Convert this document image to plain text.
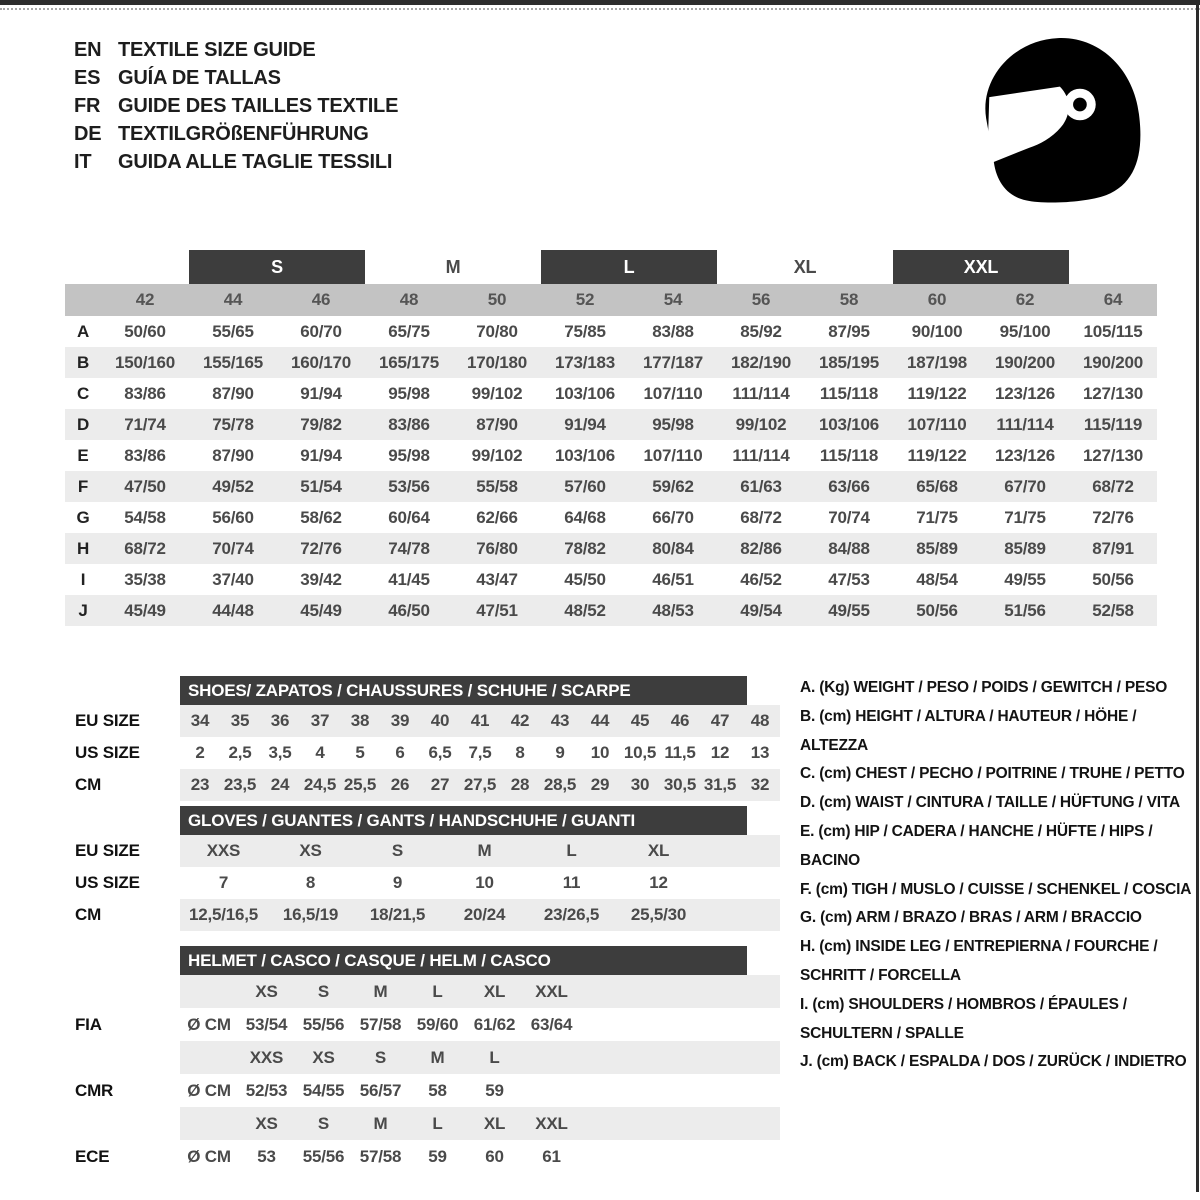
EN TEXTILE SIZE GUIDE
ES GUÍA DE TALLAS
FR GUIDE DES TAILLES TEXTILE
DE TEXTILGRÖßENFÜHRUNG
IT	GUIDA ALLE TAGLIE TESSILI
		S		M		L		XL		XXL		
	42	44	46	48	50	52	54	56	58	60	62	64
A	50/60	55/65	60/70	65/75	70/80	75/85	83/88	85/92	87/95	90/100	95/100	105/115
B	150/160	155/165	160/170	165/175	170/180	173/183	177/187	182/190	185/195	187/198	190/200	190/200
C	83/86	87/90	91/94	95/98	99/102	103/106	107/110	111/114	115/118	119/122	123/126	127/130
D	71/74	75/78	79/82	83/86	87/90	91/94	95/98	99/102	103/106	107/110	111/114	115/119
E	83/86	87/90	91/94	95/98	99/102	103/106	107/110	111/114	115/118	119/122	123/126	127/130
F	47/50	49/52	51/54	53/56	55/58	57/60	59/62	61/63	63/66	65/68	67/70	68/72
G	54/58	56/60	58/62	60/64	62/66	64/68	66/70	68/72	70/74	71/75	71/75	72/76
H	68/72	70/74	72/76	74/78	76/80	78/82	80/84	82/86	84/88	85/89	85/89	87/91
I	35/38	37/40	39/42	41/45	43/47	45/50	46/51	46/52	47/53	48/54	49/55	50/56
J	45/49	44/48	45/49	46/50	47/51	48/52	48/53	49/54	49/55	50/56	51/56	52/58
SHOES/ ZAPATOS / CHAUSSURES / SCHUHE / SCARPE
EU SIZE	34	35	36	37	38	39	40	41	42	43	44	45	46	47	48
US SIZE	2	2,5	3,5	4	5	6	6,5	7,5	8	9	10	10,5	11,5	12	13
CM	23	23,5	24	24,5	25,5	26	27	27,5	28	28,5	29	30	30,5	31,5	32
GLOVES / GUANTES / GANTS / HANDSCHUHE / GUANTI
EU SIZE	XXS	XS	S	M	L	XL	
US SIZE	7	8	9	10	11	12	
CM	12,5/16,5	16,5/19	18/21,5	20/24	23/26,5	25,5/30	
HELMET / CASCO / CASQUE / HELM / CASCO
		XS	S	M	L	XL	XXL	
FIA	Ø CM	53/54	55/56	57/58	59/60	61/62	63/64	
		XXS	XS	S	M	L		
CMR	Ø CM	52/53	54/55	56/57	58	59		
		XS	S	M	L	XL	XXL	
ECE	Ø CM	53	55/56	57/58	59	60	61	
A. (Kg) WEIGHT / PESO / POIDS / GEWITCH / PESO
B. (cm) HEIGHT / ALTURA / HAUTEUR / HÖHE / ALTEZZA
C. (cm) CHEST / PECHO / POITRINE / TRUHE / PETTO
D. (cm) WAIST / CINTURA / TAILLE / HÜFTUNG / VITA
E. (cm) HIP / CADERA / HANCHE / HÜFTE / HIPS / BACINO
F. (cm) TIGH / MUSLO / CUISSE / SCHENKEL / COSCIA
G. (cm) ARM / BRAZO / BRAS / ARM / BRACCIO
H. (cm) INSIDE LEG / ENTREPIERNA / FOURCHE / SCHRITT / FORCELLA
I. (cm) SHOULDERS / HOMBROS / ÉPAULES / SCHULTERN / SPALLE
J. (cm) BACK / ESPALDA / DOS / ZURÜCK / INDIETRO
